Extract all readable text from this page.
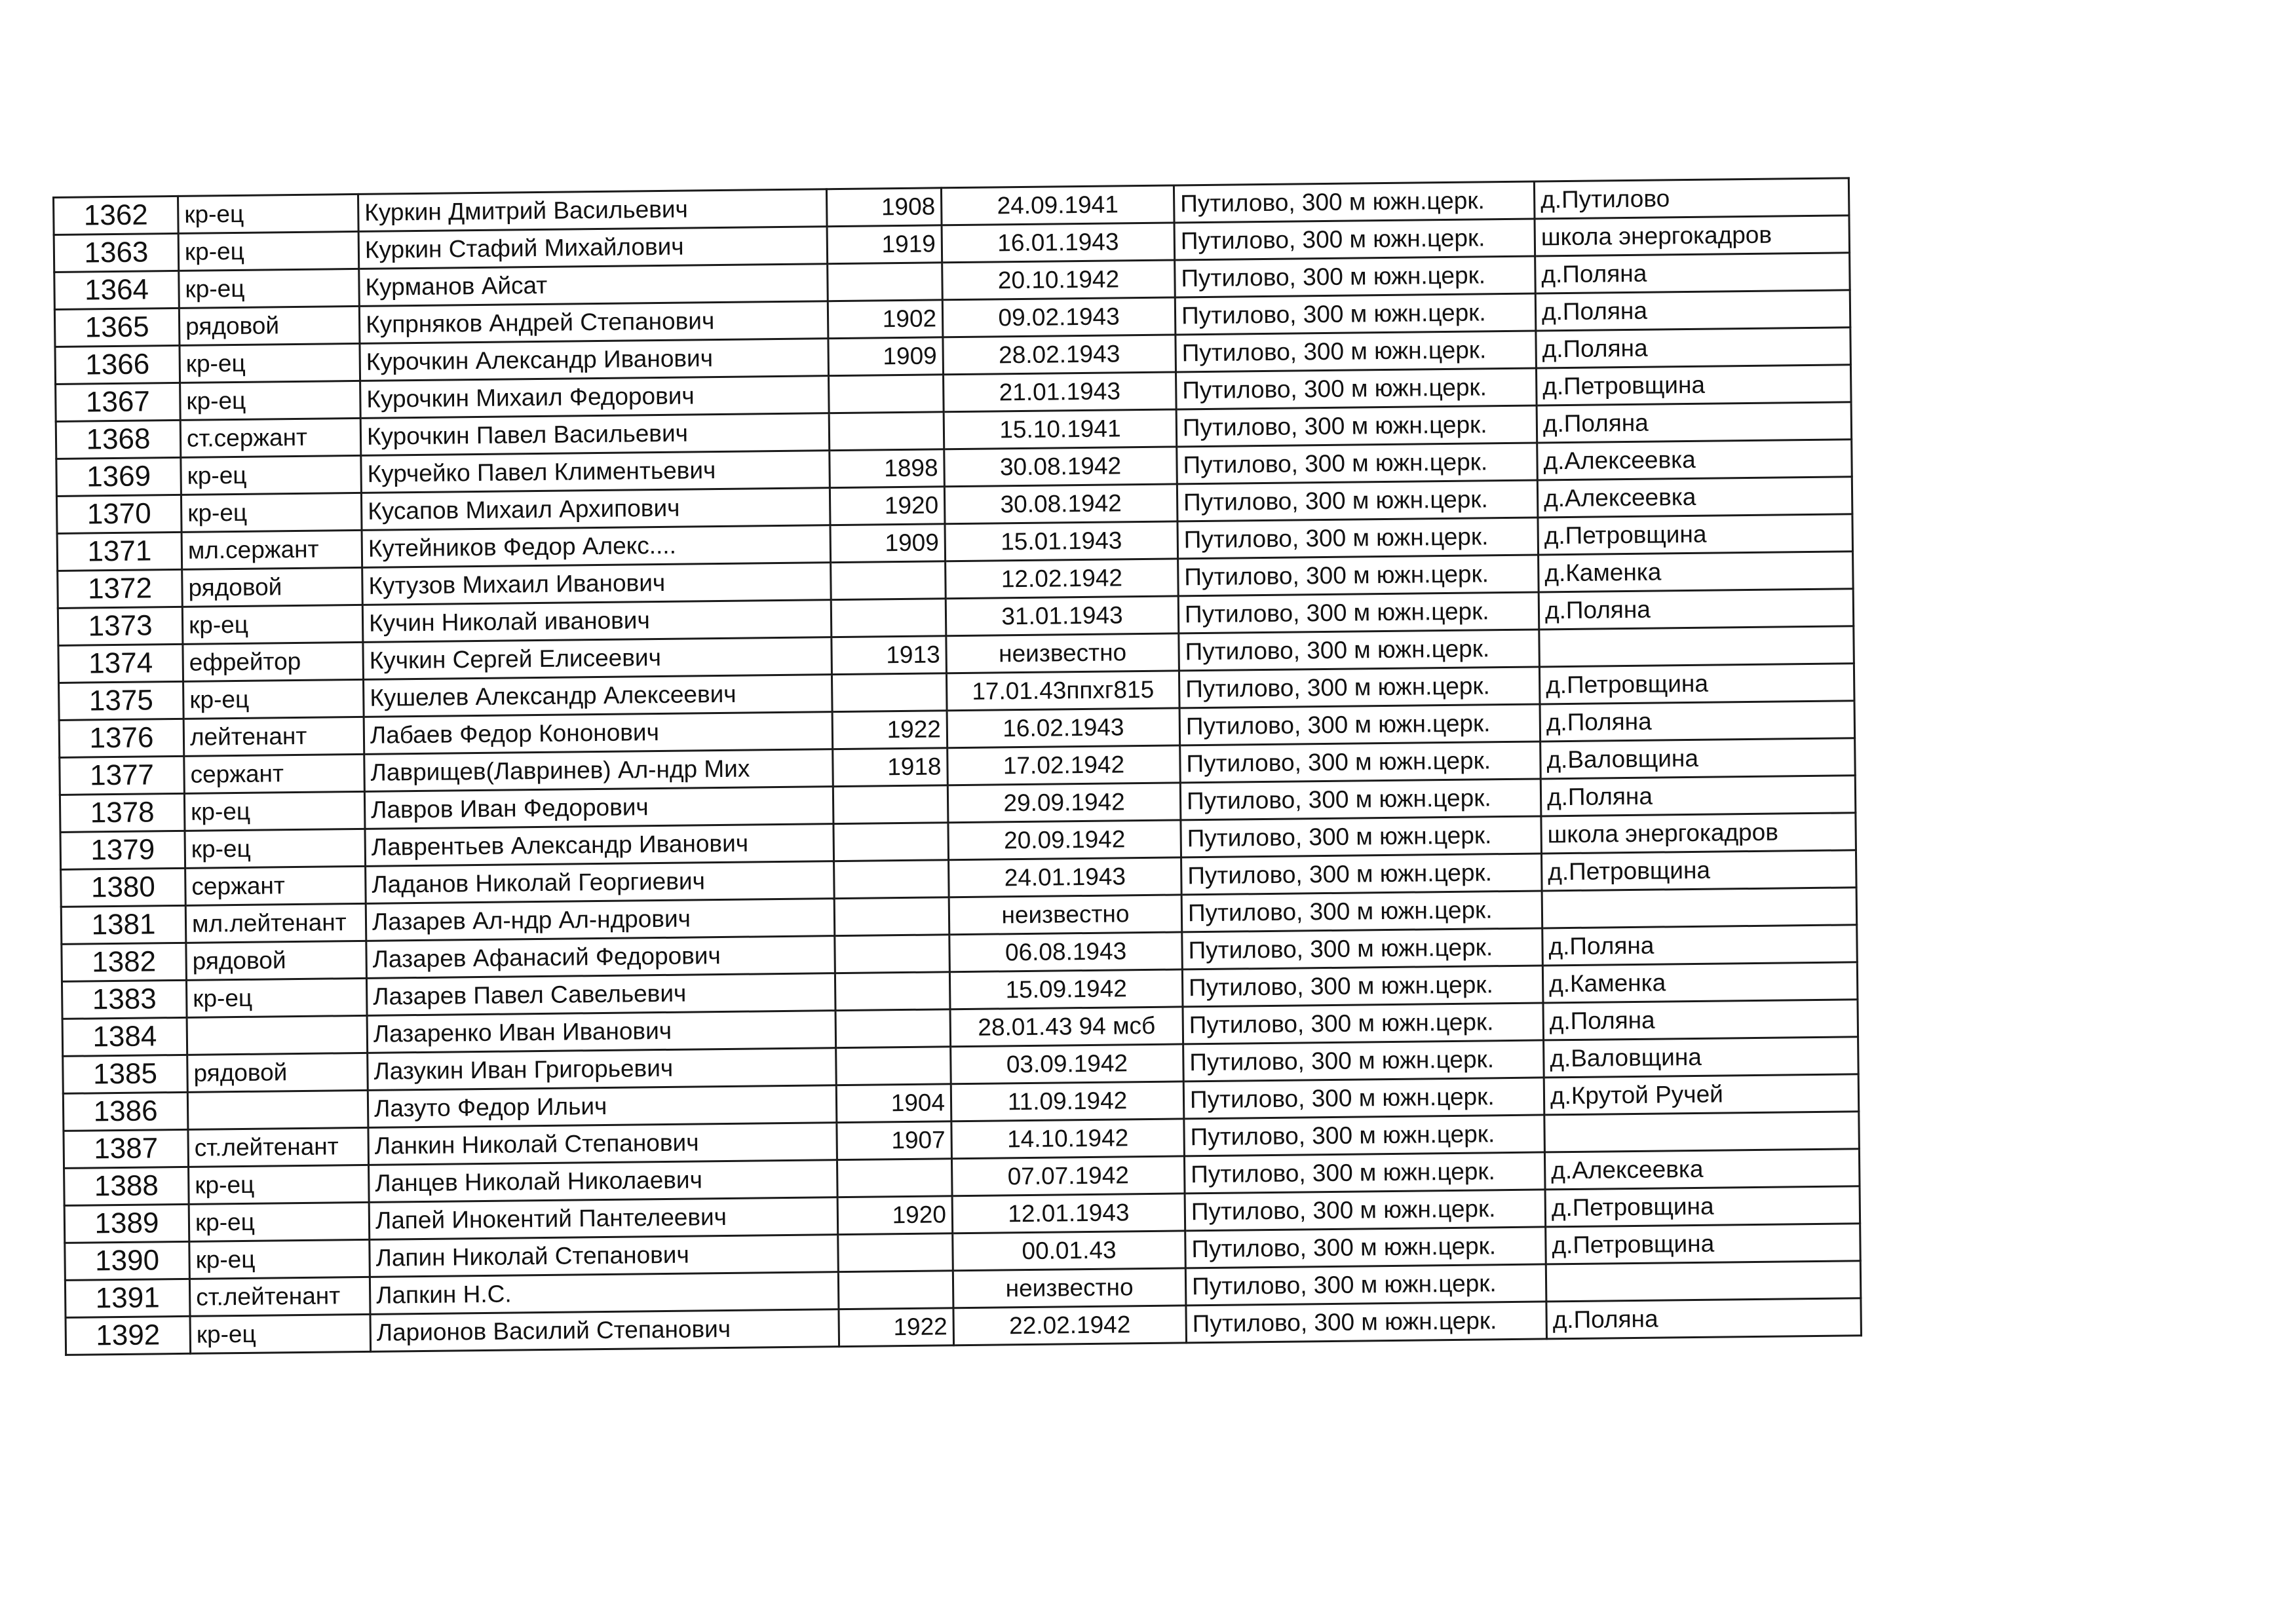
1362	кр-ец	Куркин Дмитрий Васильевич	1908	24.09.1941	Путилово, 300 м южн.церк.	д.Путилово
1363	кр-ец	Куркин Стафий Михайлович	1919	16.01.1943	Путилово, 300 м южн.церк.	школа энергокадров
1364	кр-ец	Курманов Айсат		20.10.1942	Путилово, 300 м южн.церк.	д.Поляна
1365	рядовой	Купрняков Андрей Степанович	1902	09.02.1943	Путилово, 300 м южн.церк.	д.Поляна
1366	кр-ец	Курочкин Александр Иванович	1909	28.02.1943	Путилово, 300 м южн.церк.	д.Поляна
1367	кр-ец	Курочкин Михаил Федорович		21.01.1943	Путилово, 300 м южн.церк.	д.Петровщина
1368	ст.сержант	Курочкин Павел Васильевич		15.10.1941	Путилово, 300 м южн.церк.	д.Поляна
1369	кр-ец	Курчейко Павел Климентьевич	1898	30.08.1942	Путилово, 300 м южн.церк.	д.Алексеевка
1370	кр-ец	Кусапов Михаил Архипович	1920	30.08.1942	Путилово, 300 м южн.церк.	д.Алексеевка
1371	мл.сержант	Кутейников Федор Алекс....	1909	15.01.1943	Путилово, 300 м южн.церк.	д.Петровщина
1372	рядовой	Кутузов Михаил Иванович		12.02.1942	Путилово, 300 м южн.церк.	д.Каменка
1373	кр-ец	Кучин Николай иванович		31.01.1943	Путилово, 300 м южн.церк.	д.Поляна
1374	ефрейтор	Кучкин Сергей Елисеевич	1913	неизвестно	Путилово, 300 м южн.церк.	
1375	кр-ец	Кушелев Александр Алексеевич		17.01.43ппхг815	Путилово, 300 м южн.церк.	д.Петровщина
1376	лейтенант	Лабаев Федор Кононович	1922	16.02.1943	Путилово, 300 м южн.церк.	д.Поляна
1377	сержант	Лаврищев(Лавринев) Ал-ндр Мих	1918	17.02.1942	Путилово, 300 м южн.церк.	д.Валовщина
1378	кр-ец	Лавров Иван Федорович		29.09.1942	Путилово, 300 м южн.церк.	д.Поляна
1379	кр-ец	Лаврентьев Александр Иванович		20.09.1942	Путилово, 300 м южн.церк.	школа энергокадров
1380	сержант	Ладанов Николай Георгиевич		24.01.1943	Путилово, 300 м южн.церк.	д.Петровщина
1381	мл.лейтенант	Лазарев Ал-ндр Ал-ндрович		неизвестно	Путилово, 300 м южн.церк.	
1382	рядовой	Лазарев Афанасий Федорович		06.08.1943	Путилово, 300 м южн.церк.	д.Поляна
1383	кр-ец	Лазарев Павел Савельевич		15.09.1942	Путилово, 300 м южн.церк.	д.Каменка
1384		Лазаренко Иван Иванович		28.01.43 94 мсб	Путилово, 300 м южн.церк.	д.Поляна
1385	рядовой	Лазукин Иван Григорьевич		03.09.1942	Путилово, 300 м южн.церк.	д.Валовщина
1386		Лазуто Федор Ильич	1904	11.09.1942	Путилово, 300 м южн.церк.	д.Крутой Ручей
1387	ст.лейтенант	Ланкин Николай Степанович	1907	14.10.1942	Путилово, 300 м южн.церк.	
1388	кр-ец	Ланцев Николай Николаевич		07.07.1942	Путилово, 300 м южн.церк.	д.Алексеевка
1389	кр-ец	Лапей Инокентий Пантелеевич	1920	12.01.1943	Путилово, 300 м южн.церк.	д.Петровщина
1390	кр-ец	Лапин Николай Степанович		00.01.43	Путилово, 300 м южн.церк.	д.Петровщина
1391	ст.лейтенант	Лапкин Н.С.		неизвестно	Путилово, 300 м южн.церк.	
1392	кр-ец	Ларионов Василий Степанович	1922	22.02.1942	Путилово, 300 м южн.церк.	д.Поляна
